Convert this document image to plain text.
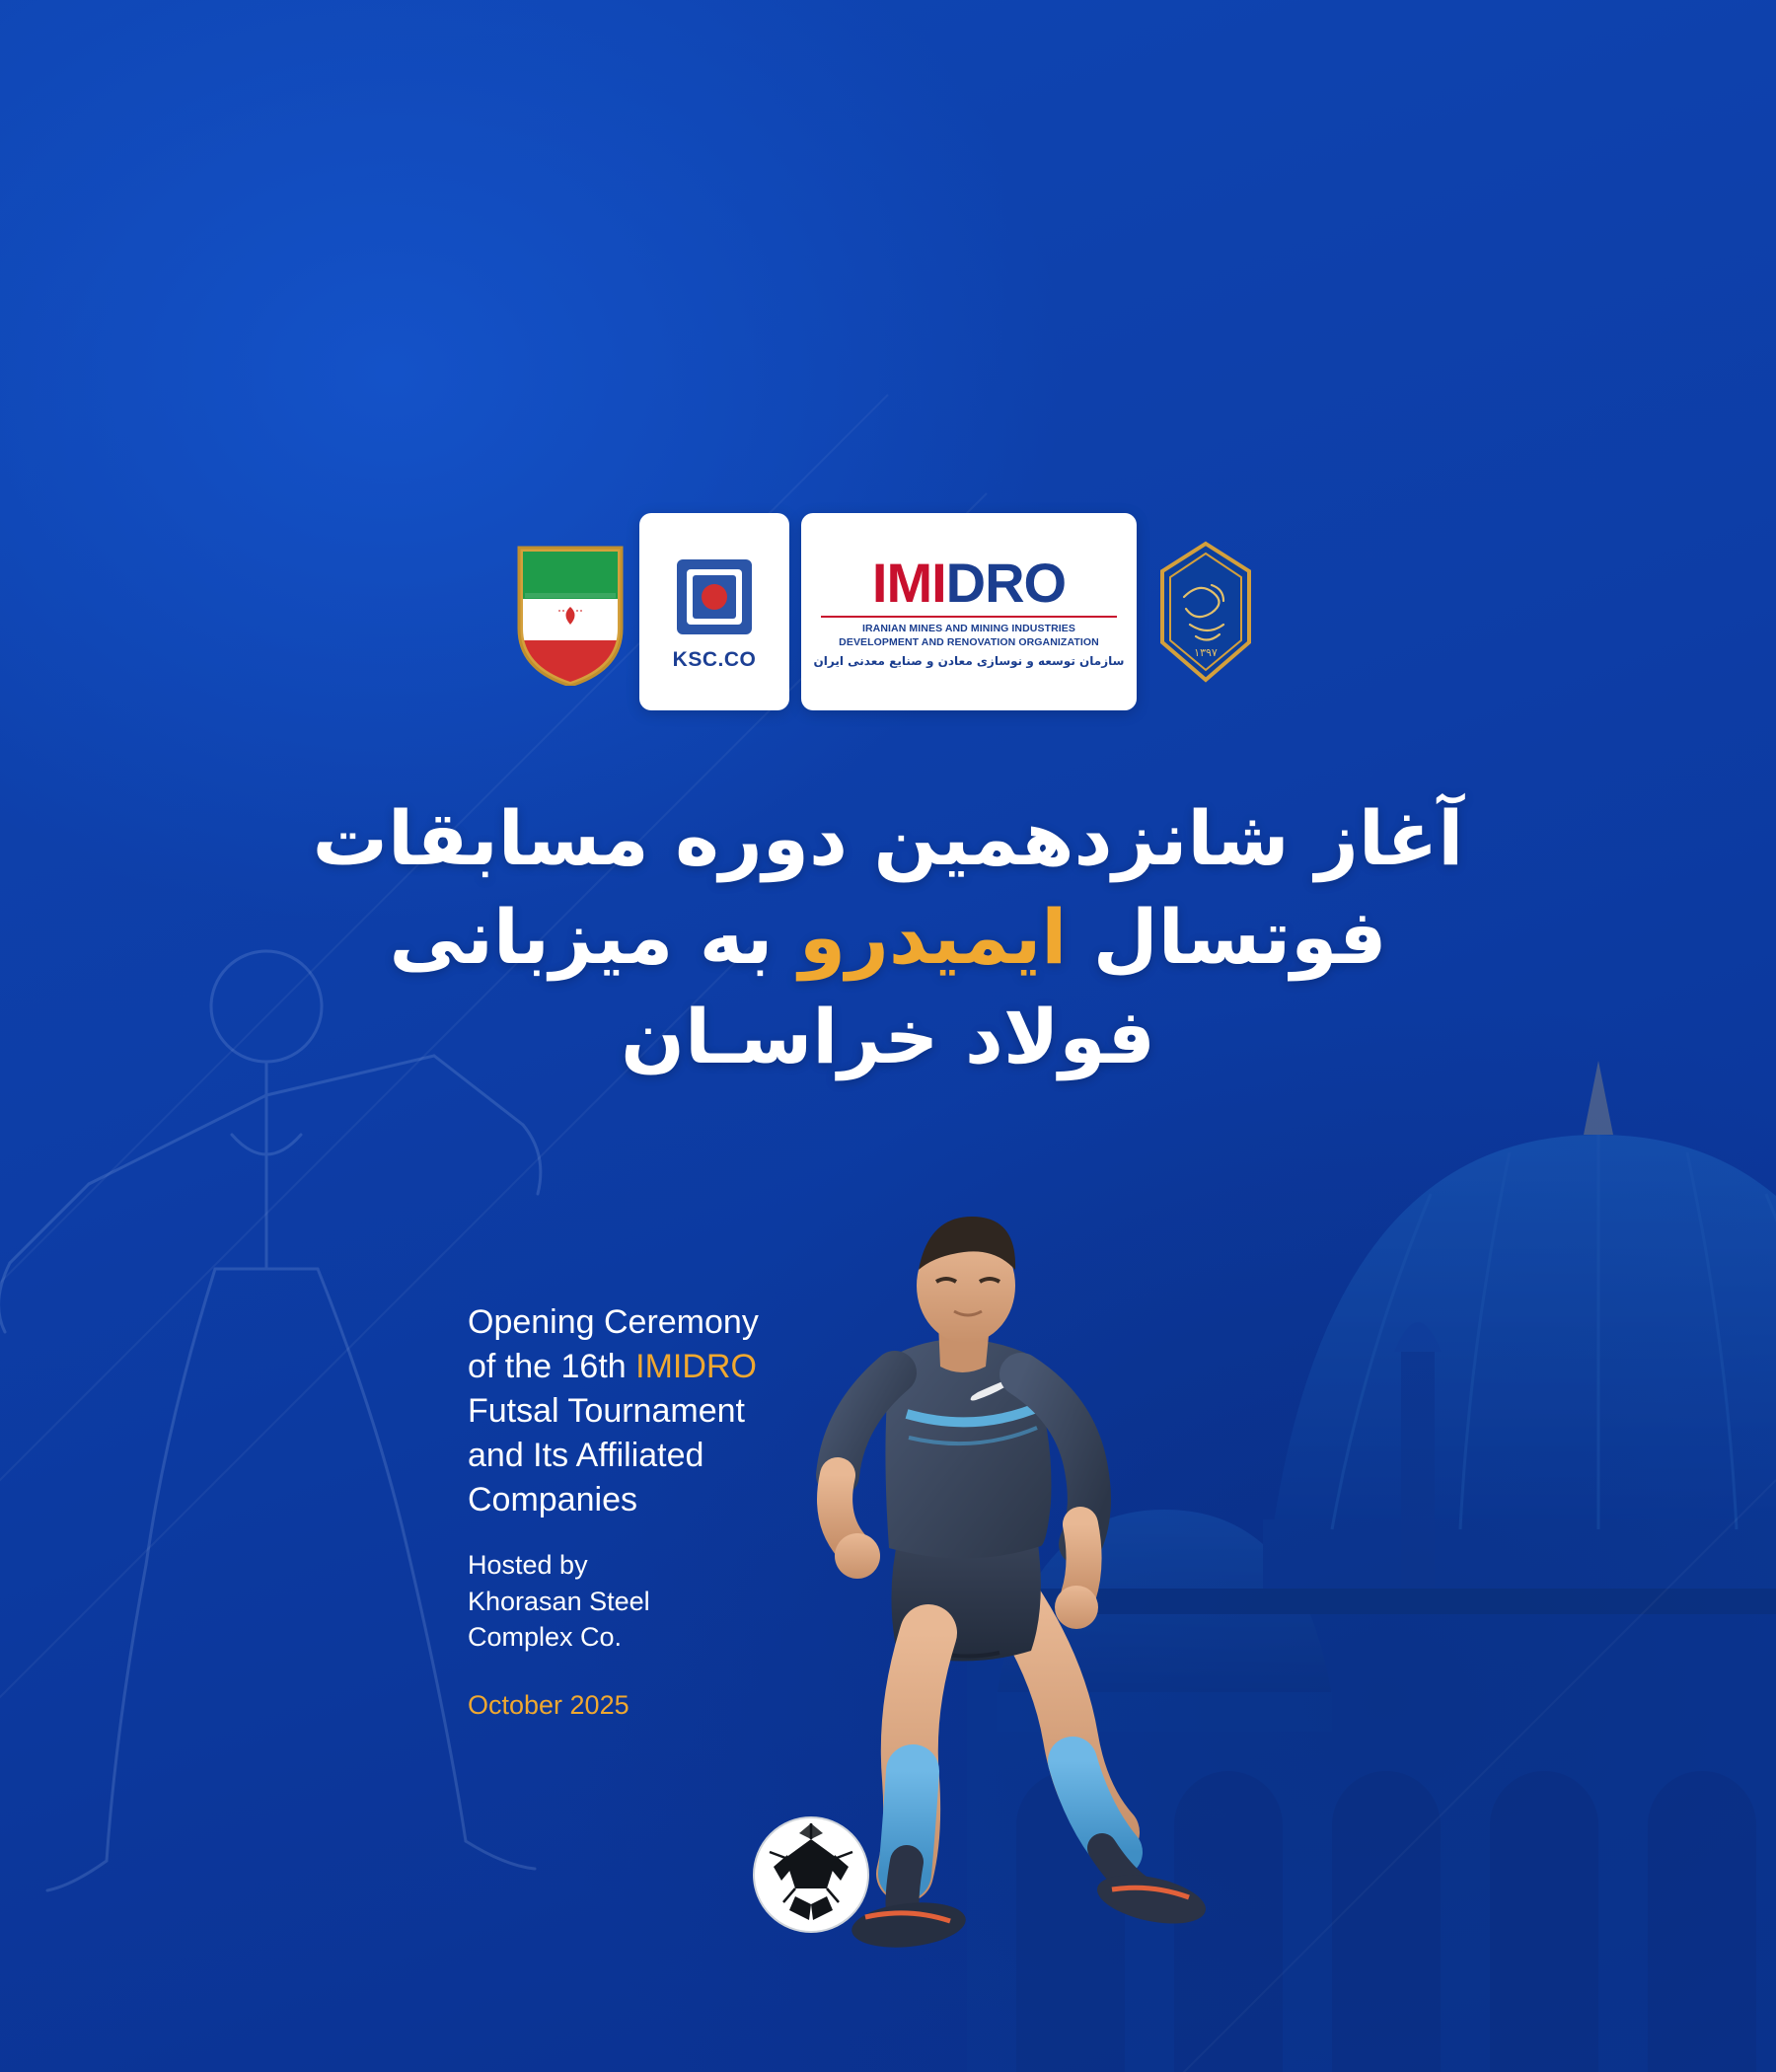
KSC.CO
IMI DRO
IRANIAN MINES AND MINING INDUSTRIES DEVELOPMENT AND RENOVATION ORGANIZATION
سازمان توسعه و نوسازی معادن و صنایع معدنی ایران
۱۳۹۷
آغاز شانزدهمین دوره مسابقات
فوتسال ایمیدرو به میزبانی
فولاد خراسـان
Opening Ceremony
of the 16th IMIDRO
Futsal Tournament
and Its Affiliated
Companies
Hosted by
Khorasan Steel
Complex Co.
October 2025
